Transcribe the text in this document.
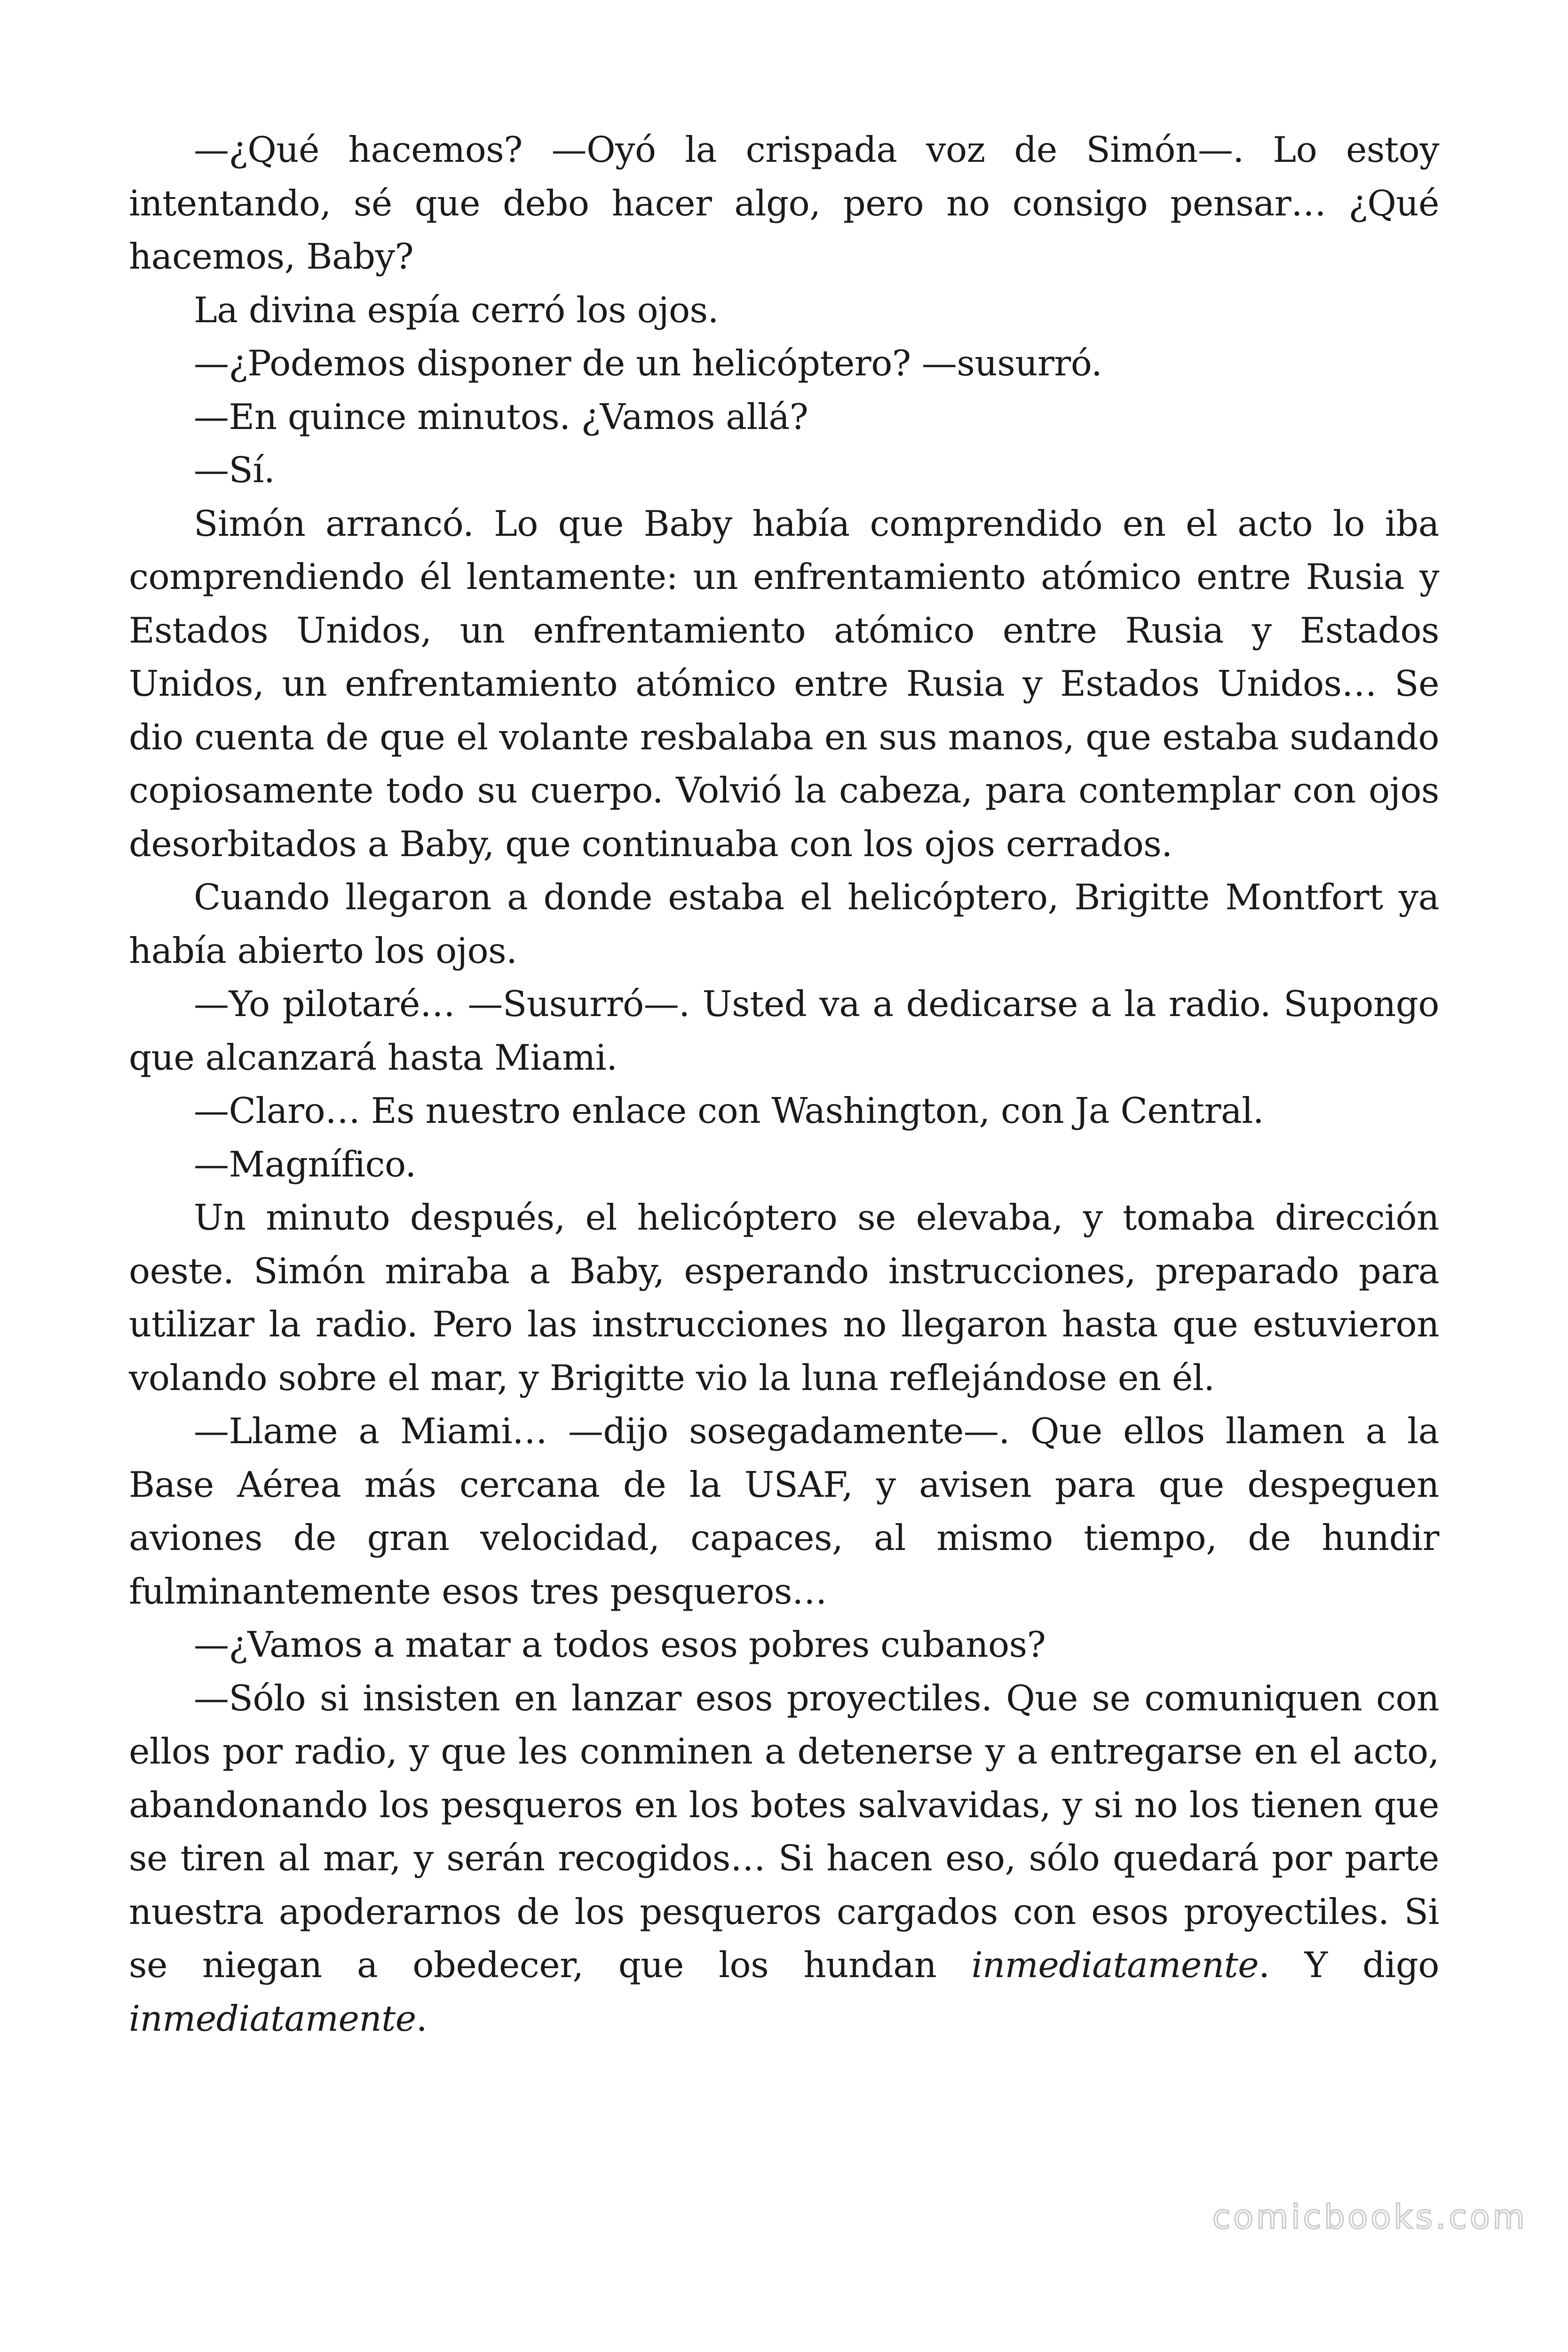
—¿Qué hacemos? —Oyó la crispada voz de Simón—. Lo estoy intentando, sé que debo hacer algo, pero no consigo pensar… ¿Qué hacemos, Baby?

La divina espía cerró los ojos.

—¿Podemos disponer de un helicóptero? —susurró.

—En quince minutos. ¿Vamos allá?

—Sí.

Simón arrancó. Lo que Baby había comprendido en el acto lo iba comprendiendo él lentamente: un enfrentamiento atómico entre Rusia y Estados Unidos, un enfrentamiento atómico entre Rusia y Estados Unidos, un enfrentamiento atómico entre Rusia y Estados Unidos… Se dio cuenta de que el volante resbalaba en sus manos, que estaba sudando copiosamente todo su cuerpo. Volvió la cabeza, para contemplar con ojos desorbitados a Baby, que continuaba con los ojos cerrados.

Cuando llegaron a donde estaba el helicóptero, Brigitte Montfort ya había abierto los ojos.

—Yo pilotaré… —Susurró—. Usted va a dedicarse a la radio. Supongo que alcanzará hasta Miami.

—Claro… Es nuestro enlace con Washington, con Ja Central.

—Magnífico.

Un minuto después, el helicóptero se elevaba, y tomaba dirección oeste. Simón miraba a Baby, esperando instrucciones, preparado para utilizar la radio. Pero las instrucciones no llegaron hasta que estuvieron volando sobre el mar, y Brigitte vio la luna reflejándose en él.

—Llame a Miami… —dijo sosegadamente—. Que ellos llamen a la Base Aérea más cercana de la USAF, y avisen para que despeguen aviones de gran velocidad, capaces, al mismo tiempo, de hundir fulminantemente esos tres pesqueros…

—¿Vamos a matar a todos esos pobres cubanos?

—Sólo si insisten en lanzar esos proyectiles. Que se comuniquen con ellos por radio, y que les conminen a detenerse y a entregarse en el acto, abandonando los pesqueros en los botes salvavidas, y si no los tienen que se tiren al mar, y serán recogidos… Si hacen eso, sólo quedará por parte nuestra apoderarnos de los pesqueros cargados con esos proyectiles. Si se niegan a obedecer, que los hundan inmediatamente. Y digo inmediatamente.

comicbooks.com
